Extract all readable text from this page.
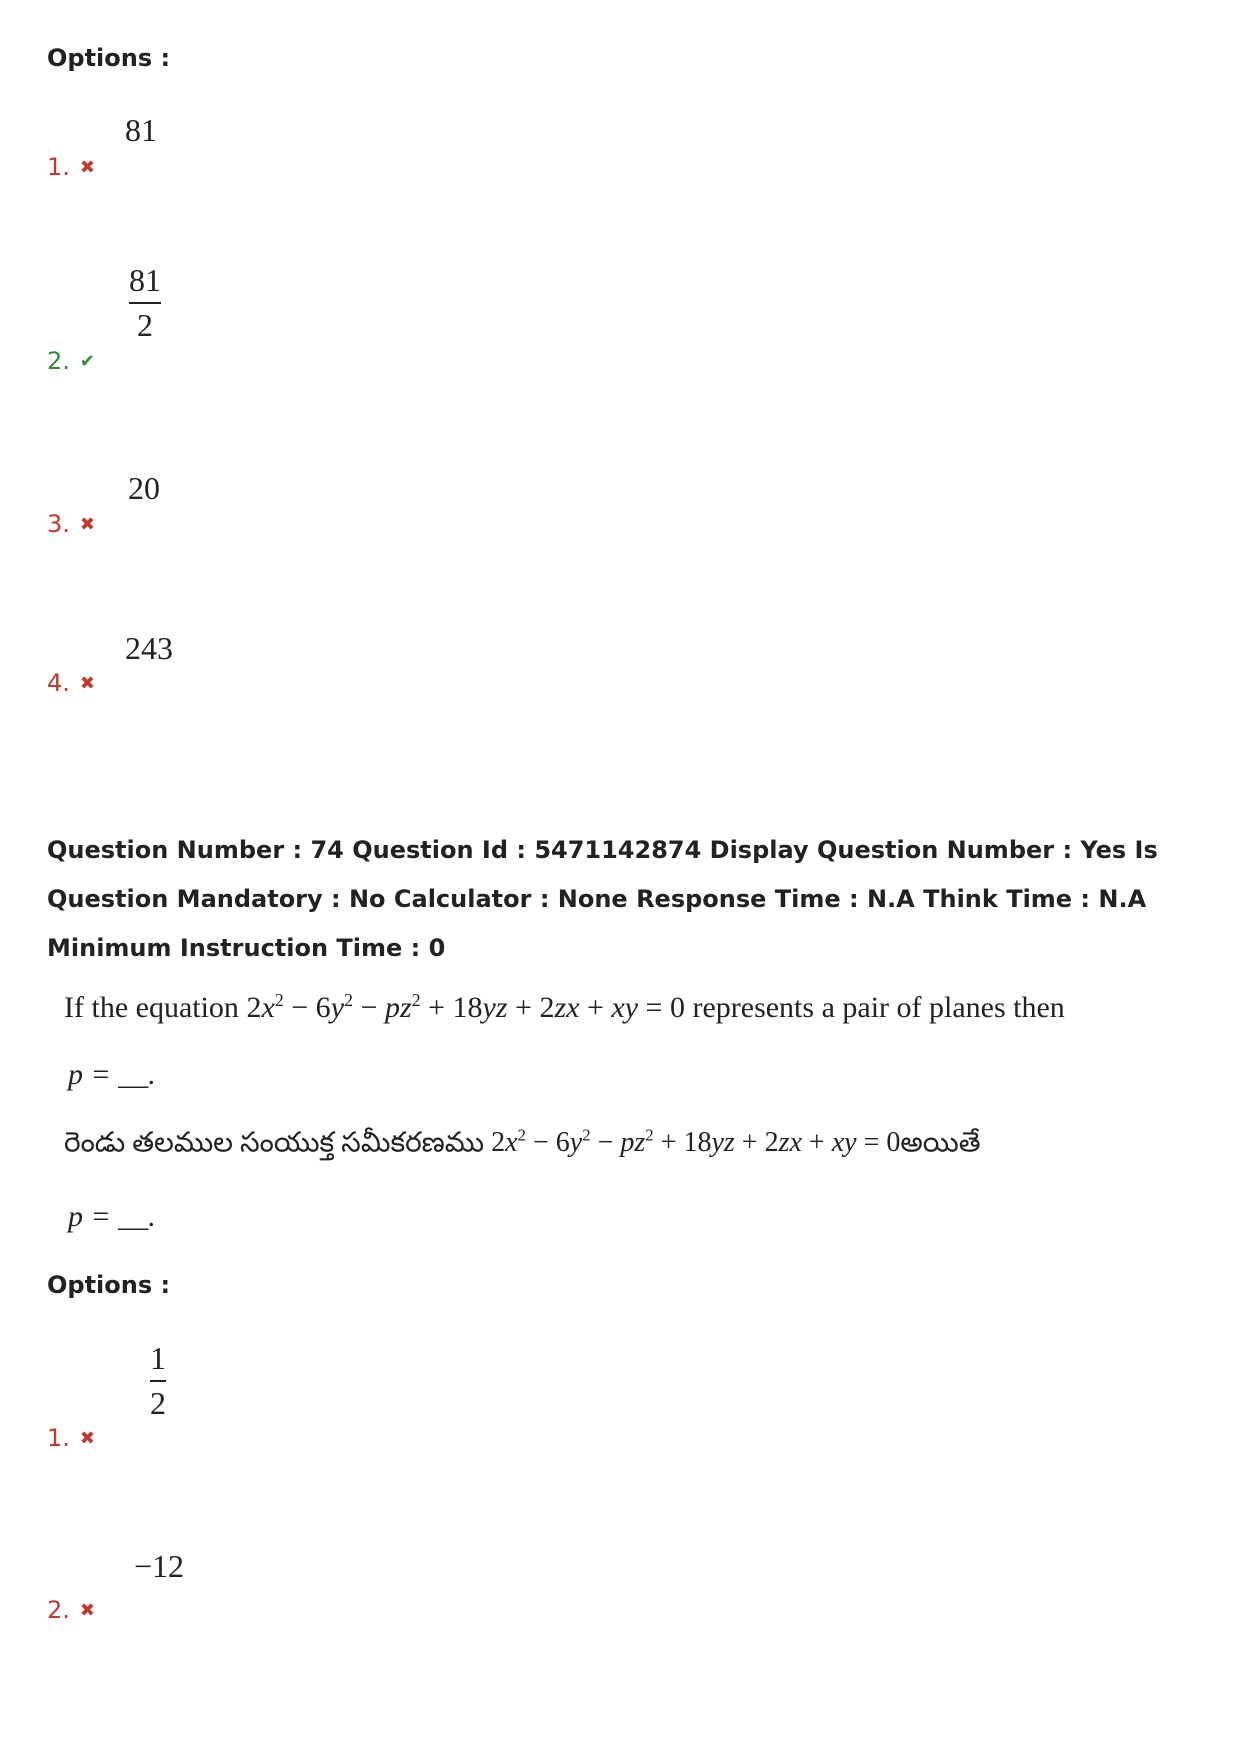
Options :
81
1. ✖
81
2
2. ✔
20
3. ✖
243
4. ✖
Question Number : 74 Question Id : 5471142874 Display Question Number : Yes Is Question Mandatory : No Calculator : None Response Time : N.A Think Time : N.A Minimum Instruction Time : 0
If the equation $2x^2 - 6y^2 - pz^2 + 18yz + 2zx$ + xy = 0 represents a pair of planes then
p = __.
రెండు తలముల సంయుక్త సమీకరణము $2x^2 - 6y^2 - pz^2 + 18yz + 2zx$ + xy = 0అయితే
p = __.
Options :
1
2
1. ✖
−12
2. ✖
